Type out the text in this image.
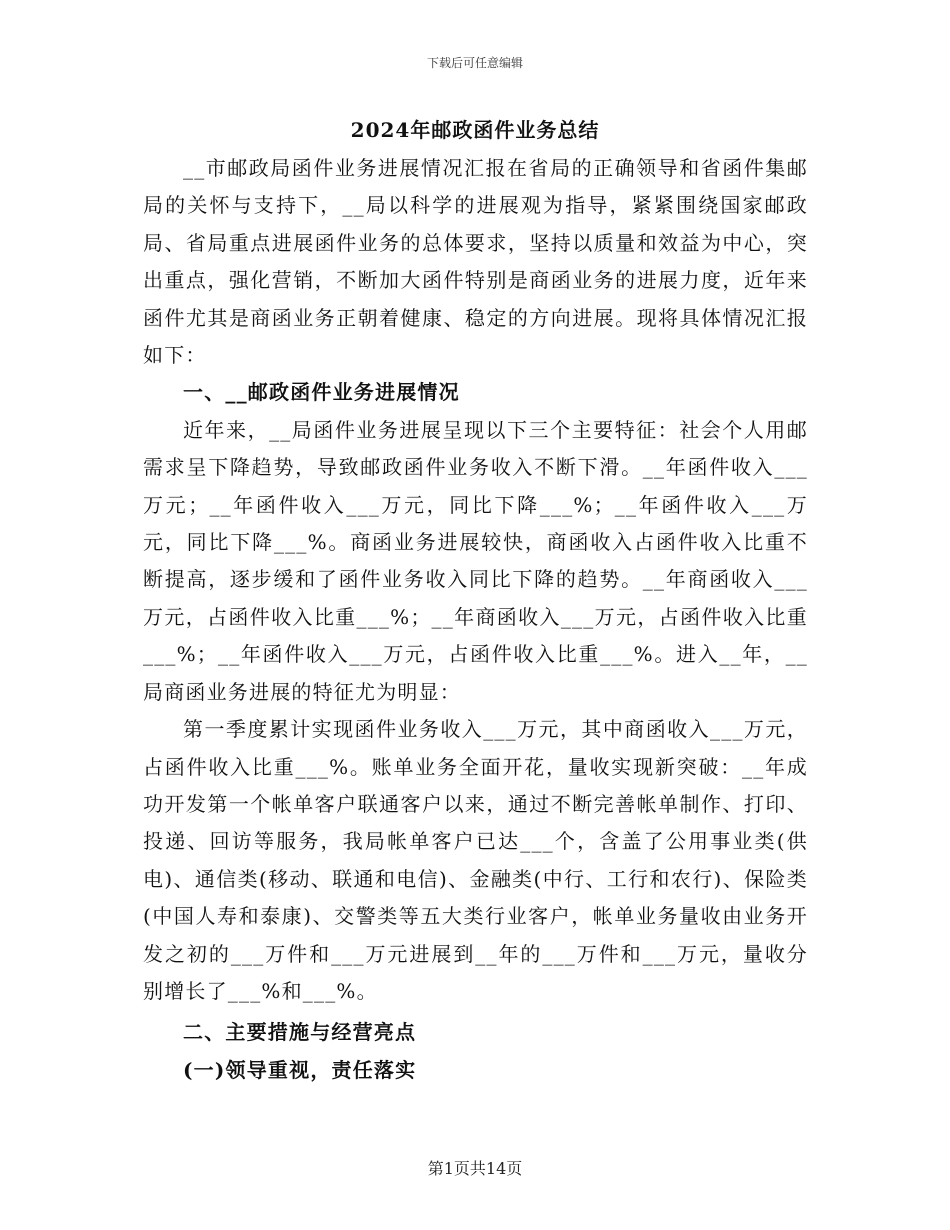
下载后可任意编辑
2024年邮政函件业务总结

__市邮政局函件业务进展情况汇报在省局的正确领导和省函件集邮局的关怀与支持下，__局以科学的进展观为指导，紧紧围绕国家邮政局、省局重点进展函件业务的总体要求，坚持以质量和效益为中心，突出重点，强化营销，不断加大函件特别是商函业务的进展力度，近年来函件尤其是商函业务正朝着健康、稳定的方向进展。现将具体情况汇报如下：

一、__邮政函件业务进展情况

近年来，__局函件业务进展呈现以下三个主要特征：社会个人用邮需求呈下降趋势，导致邮政函件业务收入不断下滑。__年函件收入___万元；__年函件收入___万元，同比下降___%；__年函件收入___万元，同比下降___%。商函业务进展较快，商函收入占函件收入比重不断提高，逐步缓和了函件业务收入同比下降的趋势。__年商函收入___万元，占函件收入比重___%；__年商函收入___万元，占函件收入比重___%；__年函件收入___万元，占函件收入比重___%。进入__年，__局商函业务进展的特征尤为明显：

第一季度累计实现函件业务收入___万元，其中商函收入___万元，占函件收入比重___%。账单业务全面开花，量收实现新突破：__年成功开发第一个帐单客户联通客户以来，通过不断完善帐单制作、打印、投递、回访等服务，我局帐单客户已达___个，含盖了公用事业类(供电)、通信类(移动、联通和电信)、金融类(中行、工行和农行)、保险类(中国人寿和泰康)、交警类等五大类行业客户，帐单业务量收由业务开发之初的___万件和___万元进展到__年的___万件和___万元，量收分别增长了___%和___%。

二、主要措施与经营亮点
(一)领导重视，责任落实
第1页共14页
